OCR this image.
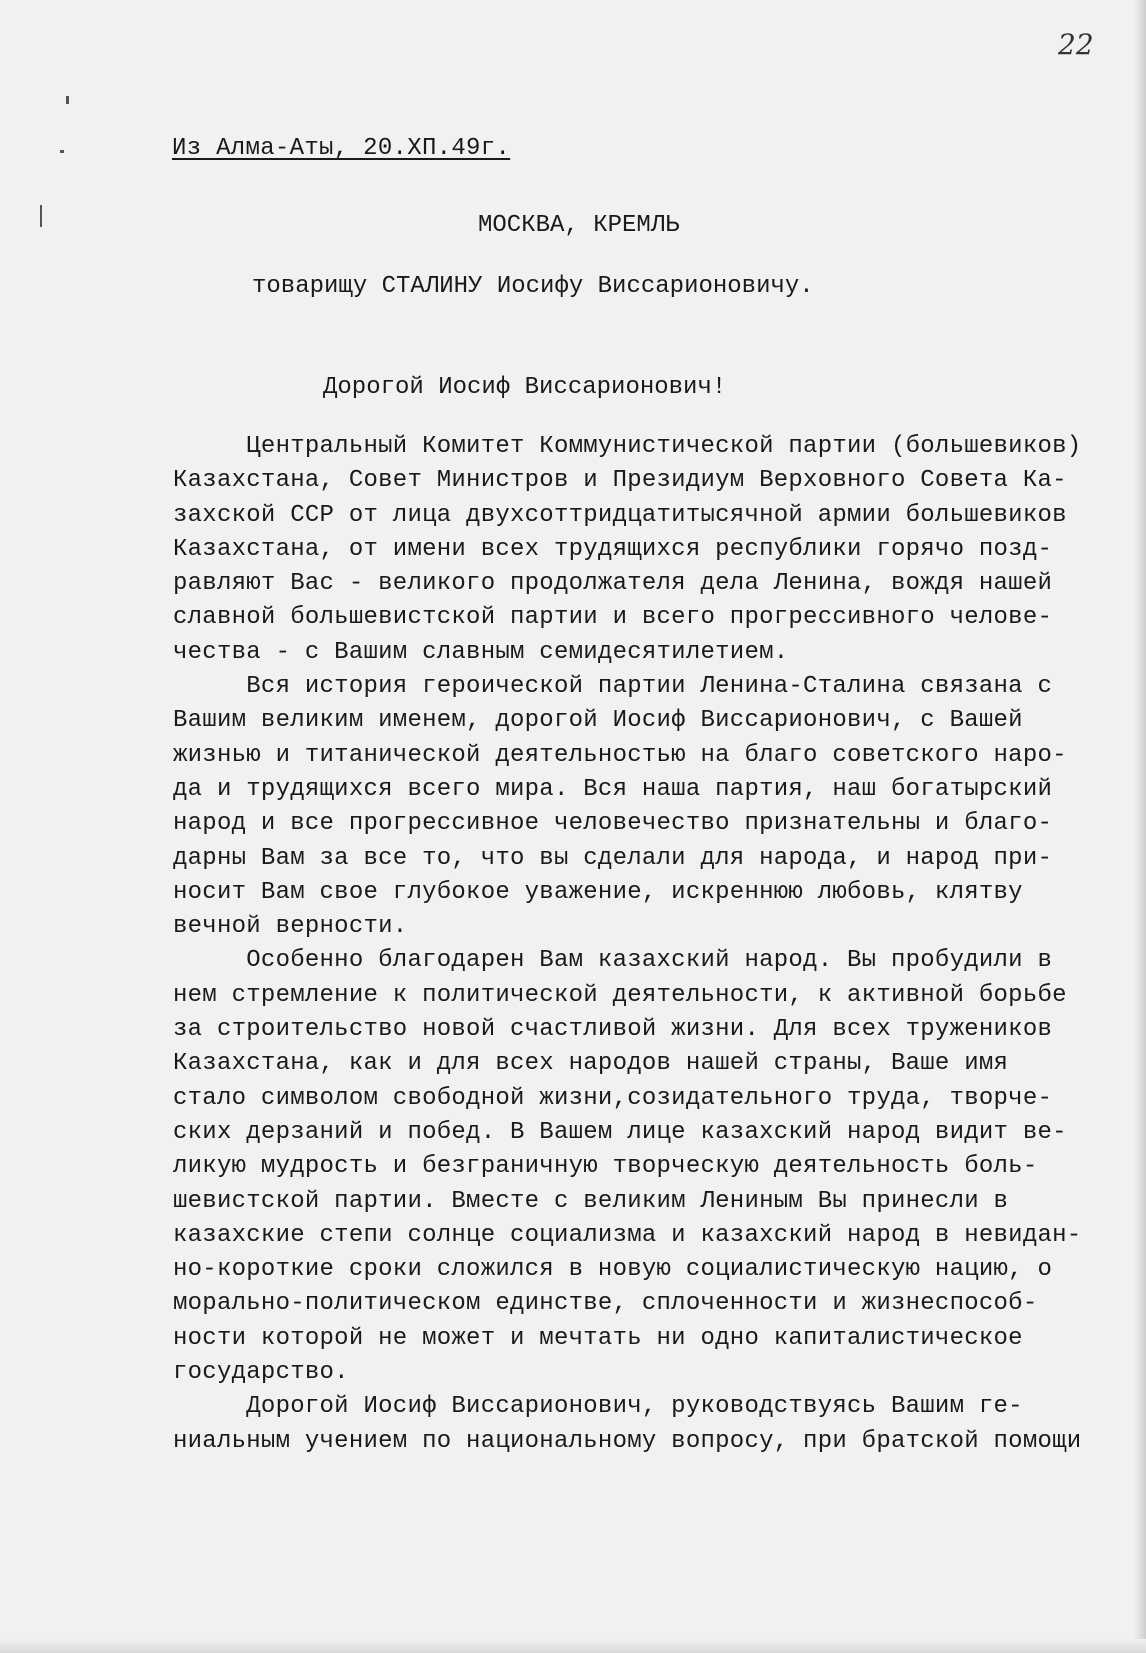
22
Из Алма-Аты, 20.XП.49г.
МОСКВА, КРЕМЛЬ
товарищу СТАЛИНУ Иосифу Виссарионовичу.
Дорогой Иосиф Виссарионович!
Центральный Комитет Коммунистической партии (большевиков)
Казахстана, Совет Министров и Президиум Верховного Совета Ка-
захской ССР от лица двухсоттридцатитысячной армии большевиков
Казахстана, от имени всех трудящихся республики горячо позд-
равляют Вас - великого продолжателя дела Ленина, вождя нашей
славной большевистской партии и всего прогрессивного челове-
чества - с Вашим славным семидесятилетием.
Вся история героической партии Ленина-Сталина связана с
Вашим великим именем, дорогой Иосиф Виссарионович, с Вашей
жизнью и титанической деятельностью на благо советского наро-
да и трудящихся всего мира. Вся наша партия, наш богатырский
народ и все прогрессивное человечество признательны и благо-
дарны Вам за все то, что вы сделали для народа, и народ при-
носит Вам свое глубокое уважение, искреннюю любовь, клятву
вечной верности.
Особенно благодарен Вам казахский народ. Вы пробудили в
нем стремление к политической деятельности, к активной борьбе
за строительство новой счастливой жизни. Для всех тружеников
Казахстана, как и для всех народов нашей страны, Ваше имя
стало символом свободной жизни,созидательного труда, творче-
ских дерзаний и побед. В Вашем лице казахский народ видит ве-
ликую мудрость и безграничную творческую деятельность боль-
шевистской партии. Вместе с великим Лениным Вы принесли в
казахские степи солнце социализма и казахский народ в невидан-
но-короткие сроки сложился в новую социалистическую нацию, о
морально-политическом единстве, сплоченности и жизнеспособ-
ности которой не может и мечтать ни одно капиталистическое
государство.
Дорогой Иосиф Виссарионович, руководствуясь Вашим ге-
ниальным учением по национальному вопросу, при братской помощи
